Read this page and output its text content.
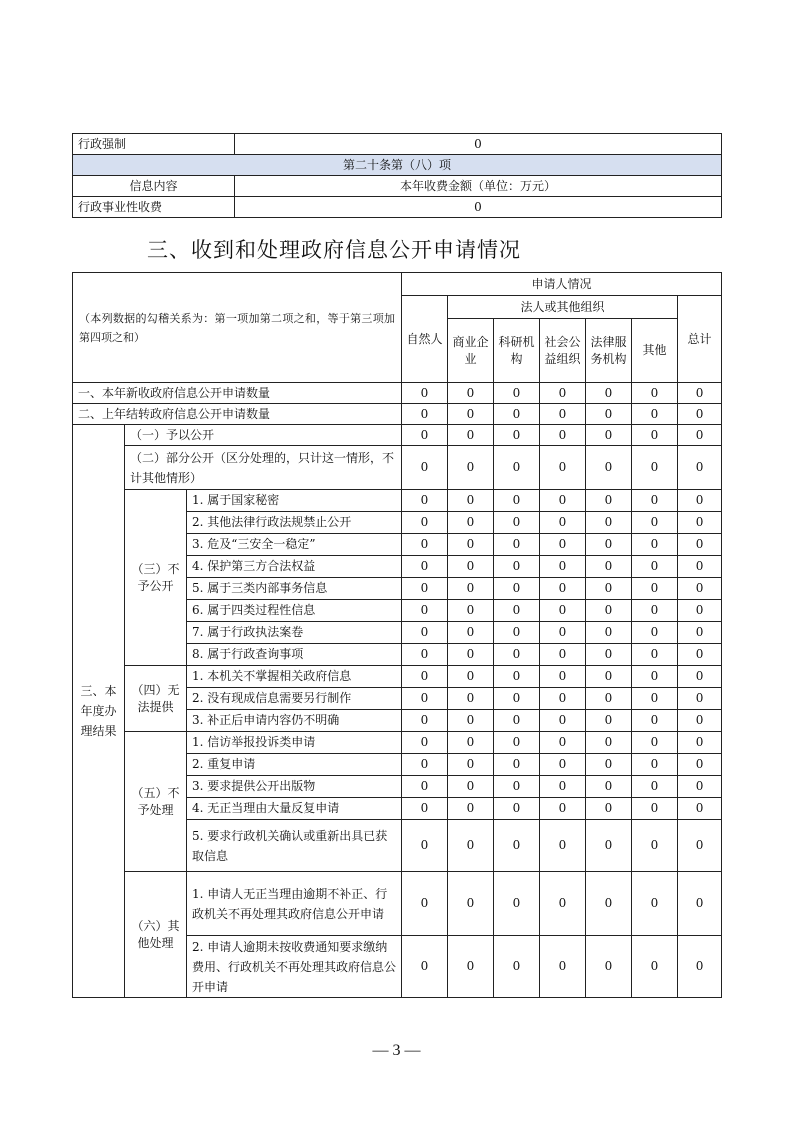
行政强制	0
第二十条第（八）项	
信息内容	本年收费金额（单位：万元）
行政事业性收费	0
三、收到和处理政府信息公开申请情况
（本列数据的勾稽关系为：第一项加第二项之和，等于第三项加第四项之和）			申请人情况						
			自然人	法人或其他组织					总计
				商业企业	科研机构	社会公益组织	法律服务机构	其他	
一、本年新收政府信息公开申请数量			0	0	0	0	0	0	0
二、上年结转政府信息公开申请数量			0	0	0	0	0	0	0
三、本年度办理结果	（一）予以公开		0	0	0	0	0	0	0
	（二）部分公开（区分处理的，只计这一情形，不计其他情形）		0	0	0	0	0	0	0
	（三）不予公开	1. 属于国家秘密	0	0	0	0	0	0	0
		2. 其他法律行政法规禁止公开	0	0	0	0	0	0	0
		3. 危及“三安全一稳定”	0	0	0	0	0	0	0
		4. 保护第三方合法权益	0	0	0	0	0	0	0
		5. 属于三类内部事务信息	0	0	0	0	0	0	0
		6. 属于四类过程性信息	0	0	0	0	0	0	0
		7. 属于行政执法案卷	0	0	0	0	0	0	0
		8. 属于行政查询事项	0	0	0	0	0	0	0
	（四）无法提供	1. 本机关不掌握相关政府信息	0	0	0	0	0	0	0
		2. 没有现成信息需要另行制作	0	0	0	0	0	0	0
		3. 补正后申请内容仍不明确	0	0	0	0	0	0	0
	（五）不予处理	1. 信访举报投诉类申请	0	0	0	0	0	0	0
		2. 重复申请	0	0	0	0	0	0	0
		3. 要求提供公开出版物	0	0	0	0	0	0	0
		4. 无正当理由大量反复申请	0	0	0	0	0	0	0
		5. 要求行政机关确认或重新出具已获取信息	0	0	0	0	0	0	0
	（六）其他处理	1. 申请人无正当理由逾期不补正、行政机关不再处理其政府信息公开申请	0	0	0	0	0	0	0
		2. 申请人逾期未按收费通知要求缴纳费用、行政机关不再处理其政府信息公开申请	0	0	0	0	0	0	0
— 3 —
